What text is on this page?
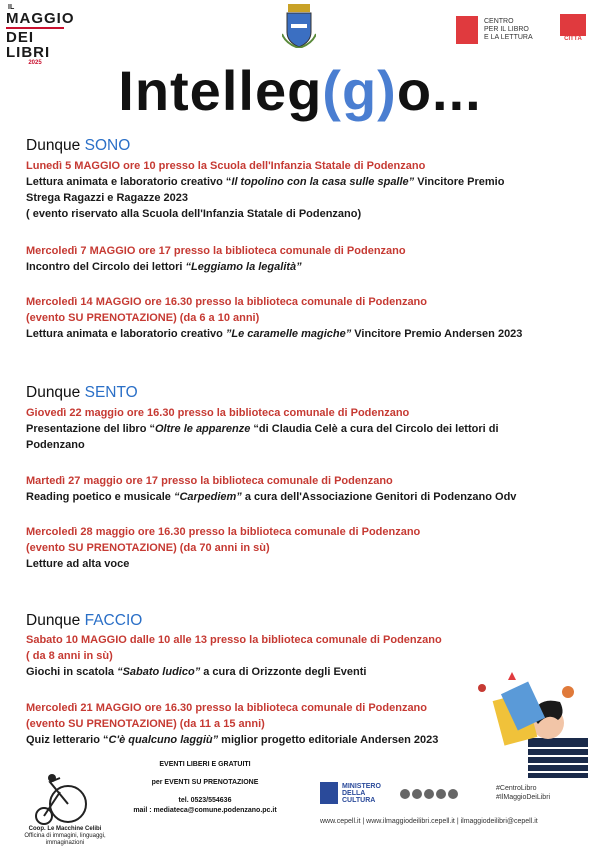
IL
MAGGIO
DEI
LIBRI
2025
CENTRO
PER IL LIBRO
E LA LETTURA	CITTÀ
Intelleg(g)o...
Dunque SONO
Lunedì 5 MAGGIO ore 10 presso la Scuola dell'Infanzia Statale di Podenzano
Lettura animata e laboratorio creativo “Il topolino con la casa sulle spalle” Vincitore Premio
Strega Ragazzi e Ragazze 2023
( evento riservato alla Scuola dell'Infanzia Statale di Podenzano)
Mercoledì 7 MAGGIO ore 17 presso la biblioteca comunale di Podenzano
Incontro del Circolo dei lettori “Leggiamo la legalità”
Mercoledì 14 MAGGIO ore 16.30 presso la biblioteca comunale di Podenzano
(evento SU PRENOTAZIONE) (da 6 a 10 anni)
Lettura animata e laboratorio creativo ”Le caramelle magiche” Vincitore Premio Andersen 2023
Dunque SENTO
Giovedì 22 maggio ore 16.30 presso la biblioteca comunale di Podenzano
Presentazione del libro “Oltre le apparenze “di Claudia Celè a cura del Circolo dei lettori di
Podenzano
Martedì 27 maggio ore 17 presso la biblioteca comunale di Podenzano
Reading poetico e musicale “Carpediem” a cura dell'Associazione Genitori di Podenzano Odv
Mercoledì 28 maggio ore 16.30 presso la biblioteca comunale di Podenzano
(evento SU PRENOTAZIONE) (da 70 anni in sù)
Letture ad alta voce
Dunque FACCIO
Sabato 10 MAGGIO dalle 10 alle 13 presso la biblioteca comunale di Podenzano
( da 8 anni in sù)
Giochi in scatola “Sabato ludico” a cura di Orizzonte degli Eventi
Mercoledì 21 MAGGIO ore 16.30 presso la biblioteca comunale di Podenzano
(evento SU PRENOTAZIONE) (da 11 a 15 anni)
Quiz letterario “C'è qualcuno laggiù” miglior progetto editoriale Andersen 2023
EVENTI LIBERI E GRATUITI
per EVENTI SU PRENOTAZIONE
tel. 0523/554636
mail : mediateca@comune.podenzano.pc.it
Coop. Le Macchine Celibi
Officina di immagini, linguaggi, immaginazioni
MINISTERO DELLA CULTURA
#CentroLibro
#IlMaggioDeiLibri
www.cepell.it | www.ilmaggiodeilibri.cepell.it | ilmaggiodeilibri@cepell.it
